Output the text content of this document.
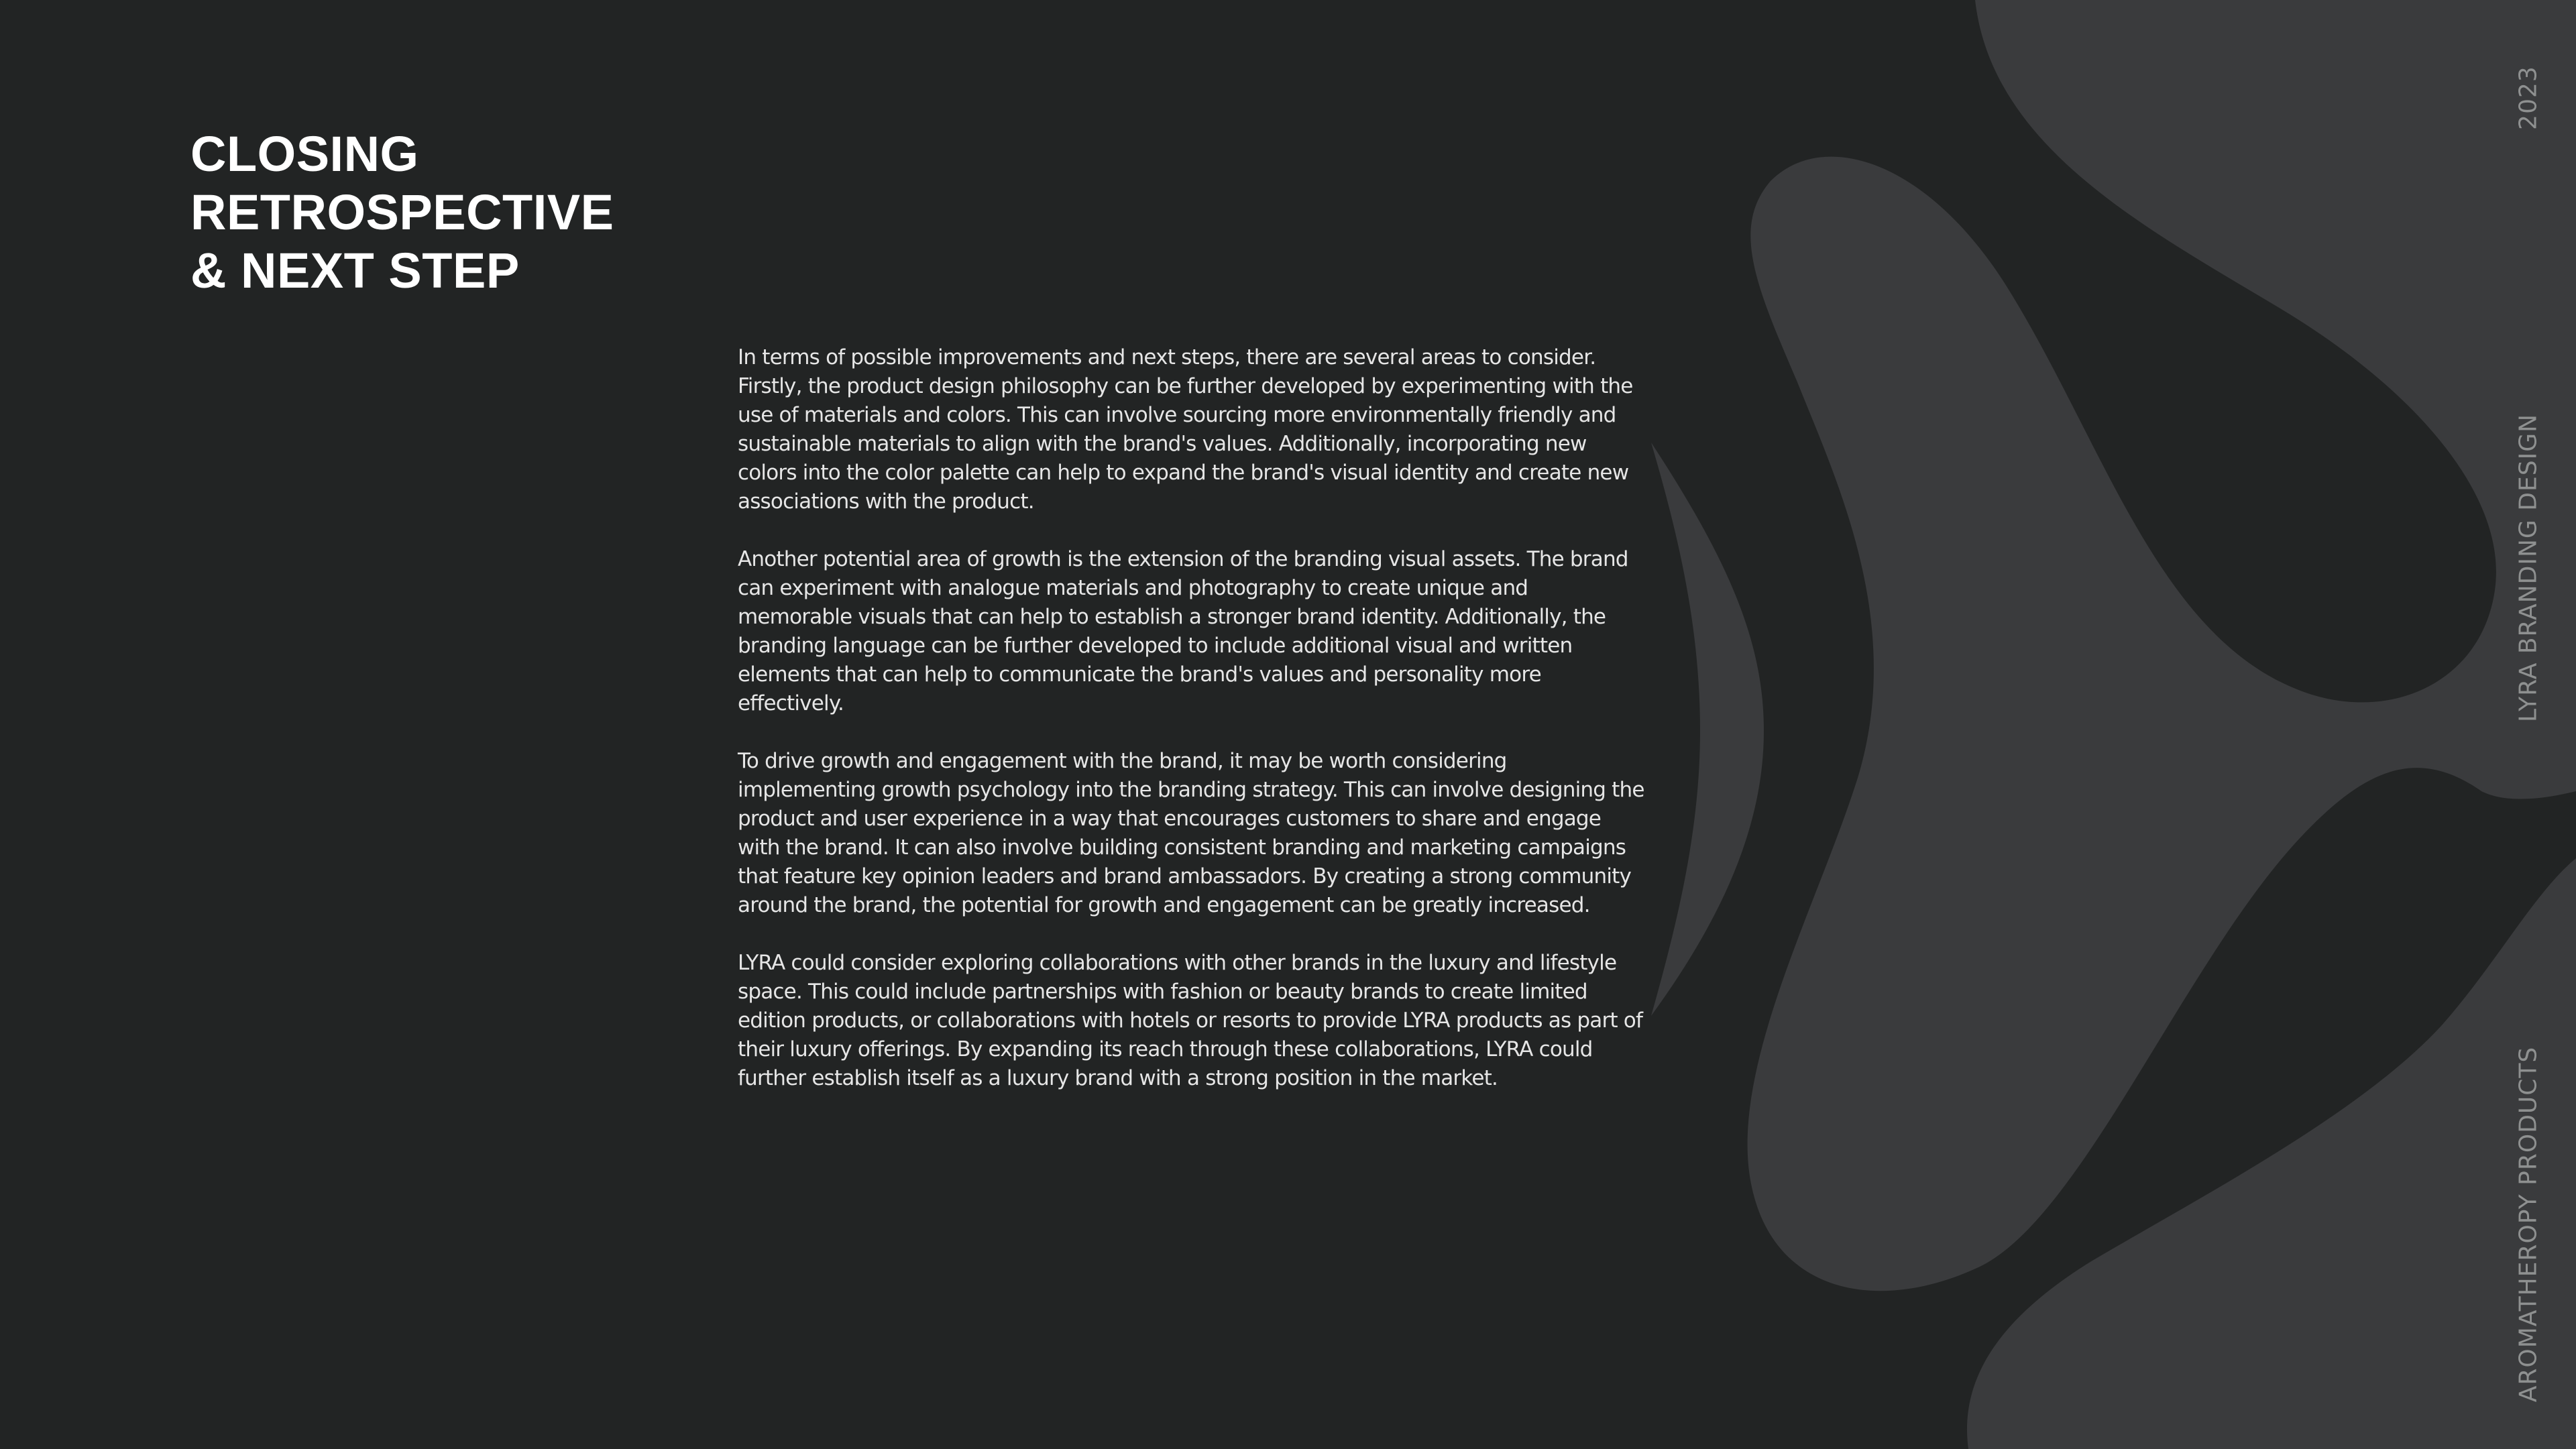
CLOSING
RETROSPECTIVE
& NEXT STEP

In terms of possible improvements and next steps, there are several areas to consider. Firstly, the product design philosophy can be further developed by experimenting with the use of materials and colors. This can involve sourcing more environmentally friendly and sustainable materials to align with the brand's values. Additionally, incorporating new colors into the color palette can help to expand the brand's visual identity and create new associations with the product.

Another potential area of growth is the extension of the branding visual assets. The brand can experiment with analogue materials and photography to create unique and memorable visuals that can help to establish a stronger brand identity. Additionally, the branding language can be further developed to include additional visual and written elements that can help to communicate the brand's values and personality more effectively.

To drive growth and engagement with the brand, it may be worth considering implementing growth psychology into the branding strategy. This can involve designing the product and user experience in a way that encourages customers to share and engage with the brand. It can also involve building consistent branding and marketing campaigns that feature key opinion leaders and brand ambassadors. By creating a strong community around the brand, the potential for growth and engagement can be greatly increased.

LYRA could consider exploring collaborations with other brands in the luxury and lifestyle space. This could include partnerships with fashion or beauty brands to create limited edition products, or collaborations with hotels or resorts to provide LYRA products as part of their luxury offerings. By expanding its reach through these collaborations, LYRA could further establish itself as a luxury brand with a strong position in the market.

2023
LYRA BRANDING DESIGN
AROMATHEROPY PRODUCTS
